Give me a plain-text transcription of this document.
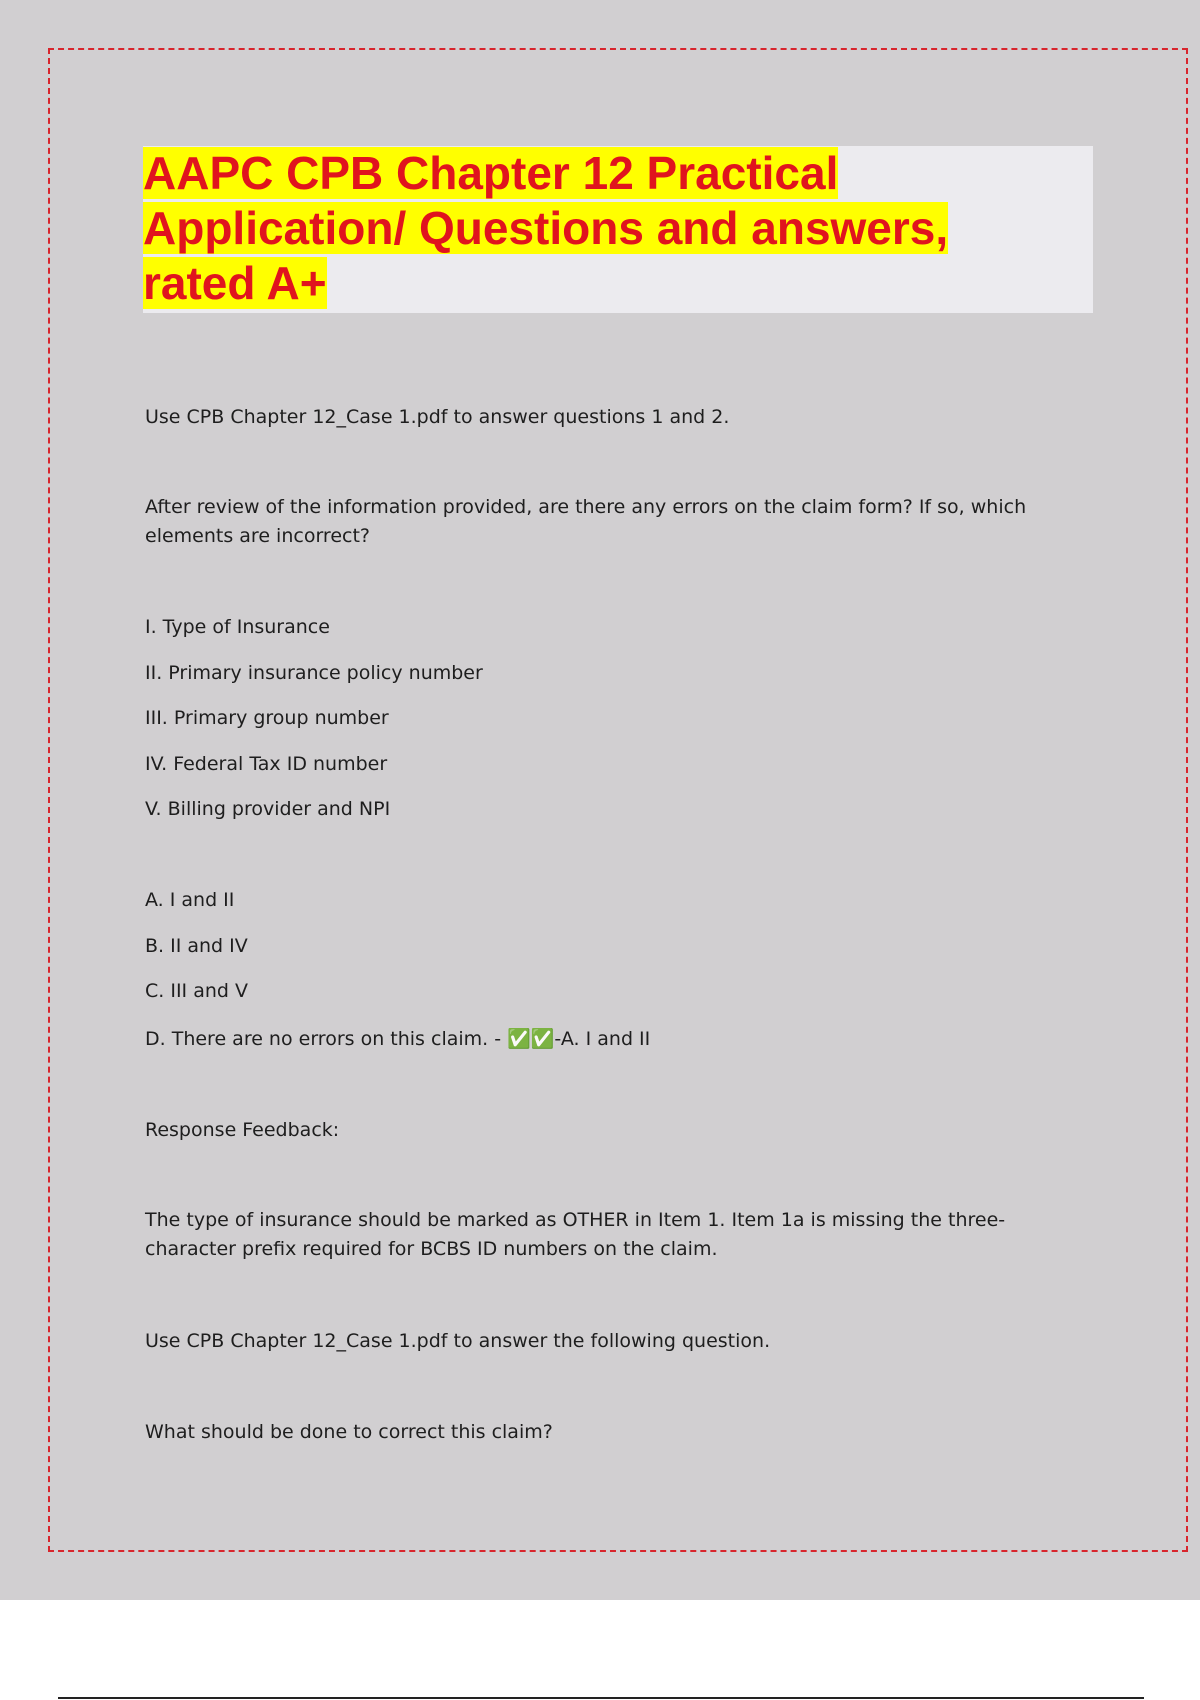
AAPC CPB Chapter 12 Practical Application/ Questions and answers, rated A+
Use CPB Chapter 12_Case 1.pdf to answer questions 1 and 2.
After review of the information provided, are there any errors on the claim form? If so, which elements are incorrect?
I. Type of Insurance
II. Primary insurance policy number
III. Primary group number
IV. Federal Tax ID number
V. Billing provider and NPI
A. I and II
B. II and IV
C. III and V
D. There are no errors on this claim. - ✅✅-A. I and II
Response Feedback:
The type of insurance should be marked as OTHER in Item 1. Item 1a is missing the three-character prefix required for BCBS ID numbers on the claim.
Use CPB Chapter 12_Case 1.pdf to answer the following question.
What should be done to correct this claim?
